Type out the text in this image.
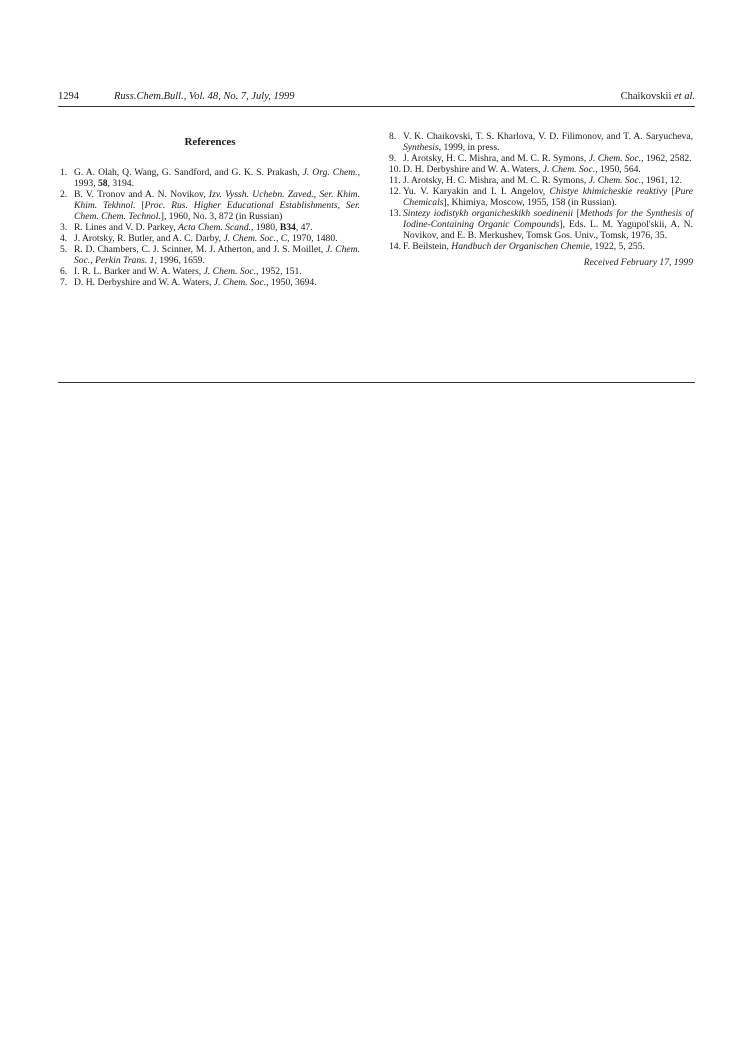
1294	Russ.Chem.Bull., Vol. 48, No. 7, July, 1999	Chaikovskii et al.
References
1. G. A. Olah, Q. Wang, G. Sandford, and G. K. S. Prakash, J. Org. Chem., 1993, 58, 3194.
2. B. V. Tronov and A. N. Novikov, Izv. Vyssh. Uchebn. Zaved., Ser. Khim. Khim. Tekhnol. [Proc. Rus. Higher Educational Establishments, Ser. Chem. Chem. Technol.], 1960, No. 3, 872 (in Russian)
3. R. Lines and V. D. Parkey, Acta Chem. Scand., 1980, B34, 47.
4. J. Arotsky, R. Butler, and A. C. Darby, J. Chem. Soc., C, 1970, 1480.
5. R. D. Chambers, C. J. Scinner, M. J. Atherton, and J. S. Moillet, J. Chem. Soc., Perkin Trans. 1, 1996, 1659.
6. I. R. L. Barker and W. A. Waters, J. Chem. Soc., 1952, 151.
7. D. H. Derbyshire and W. A. Waters, J. Chem. Soc., 1950, 3694.
8. V. K. Chaikovski, T. S. Kharlova, V. D. Filimonov, and T. A. Saryucheva, Synthesis, 1999, in press.
9. J. Arotsky, H. C. Mishra, and M. C. R. Symons, J. Chem. Soc., 1962, 2582.
10. D. H. Derbyshire and W. A. Waters, J. Chem. Soc., 1950, 564.
11. J. Arotsky, H. C. Mishra, and M. C. R. Symons, J. Chem. Soc., 1961, 12.
12. Yu. V. Karyakin and I. I. Angelov, Chistye khimicheskie reaktivy [Pure Chemicals], Khimiya, Moscow, 1955, 158 (in Russian).
13. Sintezy iodistykh organicheskikh soedinenii [Methods for the Synthesis of Iodine-Containing Organic Compounds], Eds. L. M. Yagupol'skii, A. N. Novikov, and E. B. Merkushev, Tomsk Gos. Univ., Tomsk, 1976, 35.
14. F. Beilstein, Handbuch der Organischen Chemie, 1922, 5, 255.
Received February 17, 1999
